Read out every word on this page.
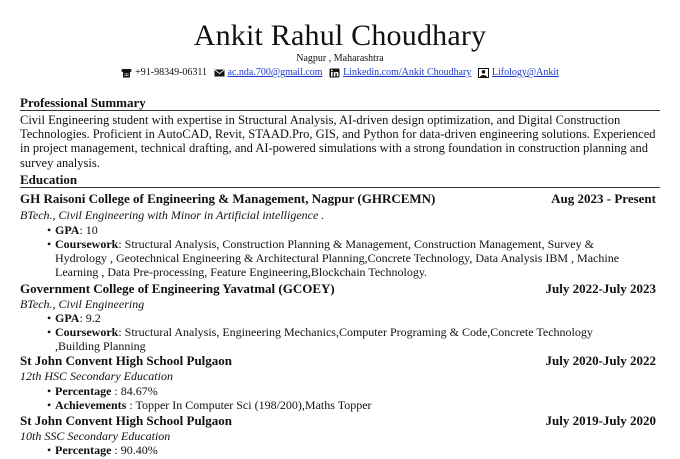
Ankit Rahul Choudhary
Nagpur , Maharashtra
+91-98349-06311
ac.nda.700@gmail.com
Linkedin.com/Ankit Choudhary
Lifology@Ankit
Professional Summary
Civil Engineering student with expertise in Structural Analysis, AI-driven design optimization, and Digital Construction Technologies. Proficient in AutoCAD, Revit, STAAD.Pro, GIS, and Python for data-driven engineering solutions. Experienced in project management, technical drafting, and AI-powered simulations with a strong foundation in construction planning and survey analysis.
Education
GH Raisoni College of Engineering & Management, Nagpur (GHRCEMN)	Aug 2023 - Present
BTech., Civil Engineering with Minor in Artificial intelligence .
• GPA: 10
• Coursework: Structural Analysis, Construction Planning & Management, Construction Management, Survey & Hydrology , Geotechnical Engineering & Architectural Planning,Concrete Technology, Data Analysis IBM , Machine Learning , Data Pre-processing, Feature Engineering,Blockchain Technology.
Government College of Engineering Yavatmal (GCOEY)	July 2022-July 2023
BTech., Civil Engineering
• GPA: 9.2
• Coursework: Structural Analysis, Engineering Mechanics,Computer Programing & Code,Concrete Technology ,Building Planning
St John Convent High School Pulgaon	July 2020-July 2022
12th HSC Secondary Education
• Percentage : 84.67%
• Achievements : Topper In Computer Sci (198/200),Maths Topper
St John Convent High School Pulgaon	July 2019-July 2020
10th SSC Secondary Education
• Percentage : 90.40%
